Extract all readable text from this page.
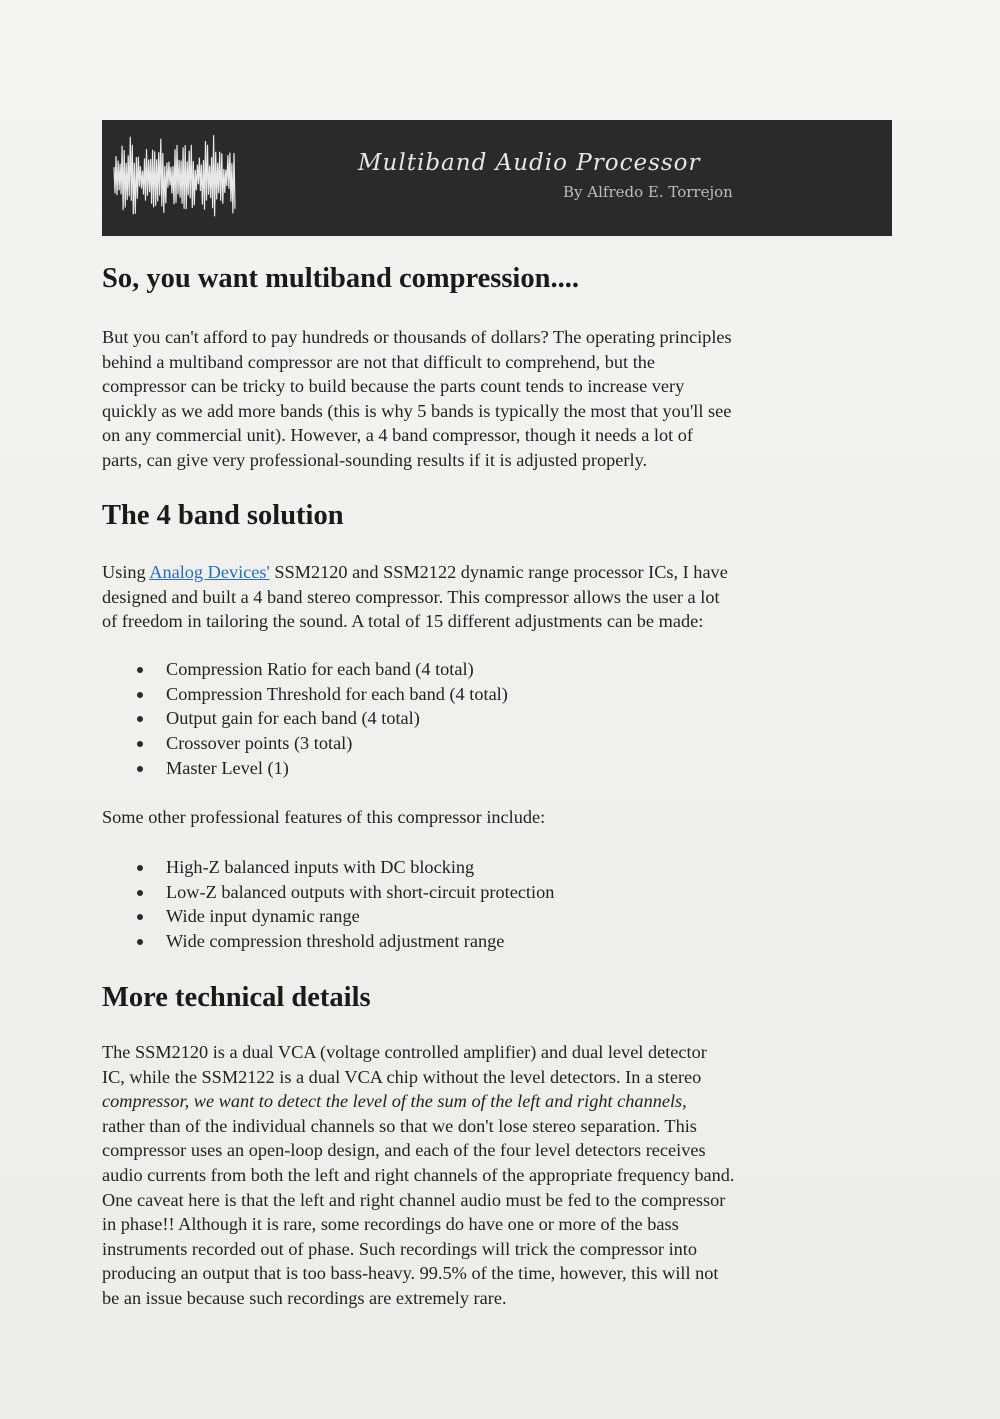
Multiband Audio Processor
By Alfredo E. Torrejon
So, you want multiband compression....
But you can't afford to pay hundreds or thousands of dollars? The operating principles
behind a multiband compressor are not that difficult to comprehend, but the
compressor can be tricky to build because the parts count tends to increase very
quickly as we add more bands (this is why 5 bands is typically the most that you'll see
on any commercial unit). However, a 4 band compressor, though it needs a lot of
parts, can give very professional-sounding results if it is adjusted properly.
The 4 band solution
Using Analog Devices' SSM2120 and SSM2122 dynamic range processor ICs, I have
designed and built a 4 band stereo compressor. This compressor allows the user a lot
of freedom in tailoring the sound. A total of 15 different adjustments can be made:
Compression Ratio for each band (4 total)
Compression Threshold for each band (4 total)
Output gain for each band (4 total)
Crossover points (3 total)
Master Level (1)
Some other professional features of this compressor include:
High-Z balanced inputs with DC blocking
Low-Z balanced outputs with short-circuit protection
Wide input dynamic range
Wide compression threshold adjustment range
More technical details
The SSM2120 is a dual VCA (voltage controlled amplifier) and dual level detector
IC, while the SSM2122 is a dual VCA chip without the level detectors. In a stereo
compressor, we want to detect the level of the sum of the left and right channels,
rather than of the individual channels so that we don't lose stereo separation. This
compressor uses an open-loop design, and each of the four level detectors receives
audio currents from both the left and right channels of the appropriate frequency band.
One caveat here is that the left and right channel audio must be fed to the compressor
in phase!! Although it is rare, some recordings do have one or more of the bass
instruments recorded out of phase. Such recordings will trick the compressor into
producing an output that is too bass-heavy. 99.5% of the time, however, this will not
be an issue because such recordings are extremely rare.
